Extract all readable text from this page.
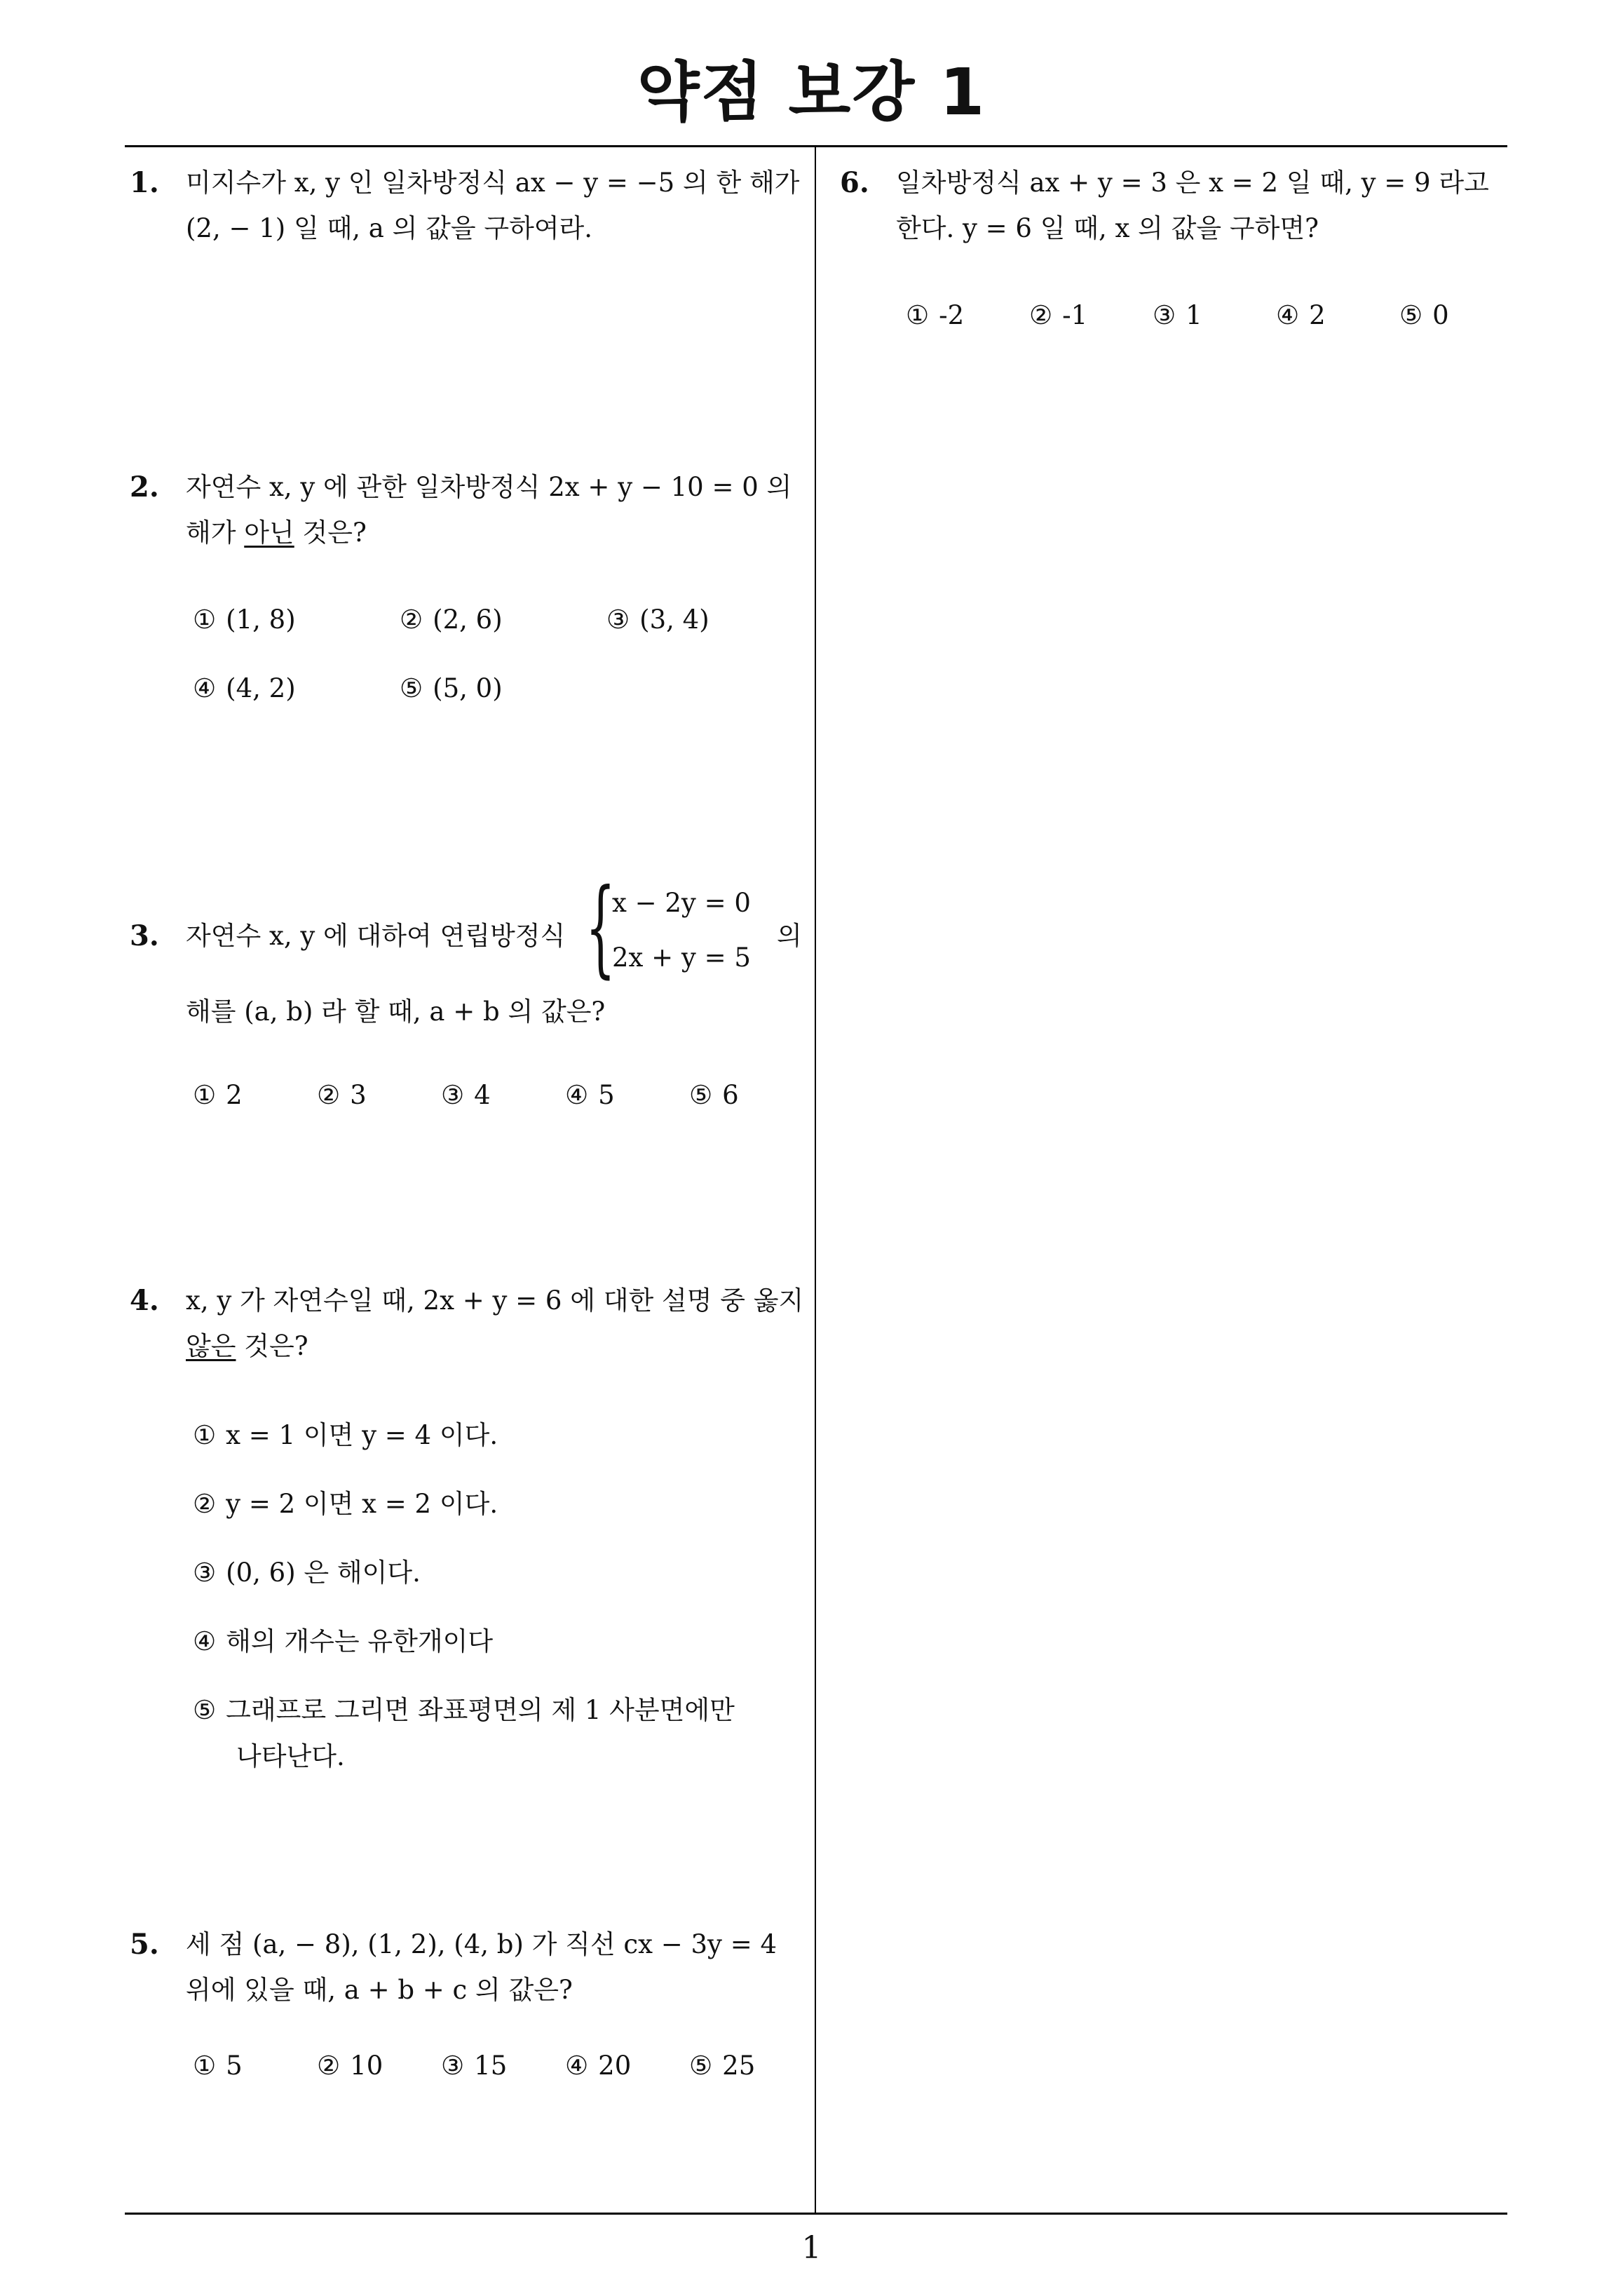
약점 보강 1
1. 미지수가 x, y 인 일차방정식 ax − y = −5 의 한 해가
(2, − 1) 일 때, a 의 값을 구하여라.
2. 자연수 x, y 에 관한 일차방정식 2x + y − 10 = 0 의
해가 아닌 것은?
① (1, 8)	② (2, 6)	③ (3, 4)
④ (4, 2)	⑤ (5, 0)
3. 자연수 x, y 에 대하여 연립방정식 {
x − 2y = 0
2x + y = 5
의
해를 (a, b) 라 할 때, a + b 의 값은?
① 2	② 3	③ 4	④ 5	⑤ 6
4. x, y 가 자연수일 때, 2x + y = 6 에 대한 설명 중 옳지
않은 것은?
① x = 1 이면 y = 4 이다.
② y = 2 이면 x = 2 이다.
③ (0, 6) 은 해이다.
④ 해의 개수는 유한개이다
⑤ 그래프로 그리면 좌표평면의 제 1 사분면에만
나타난다.
5. 세 점 (a, − 8), (1, 2), (4, b) 가 직선 cx − 3y = 4
위에 있을 때, a + b + c 의 값은?
① 5	② 10 ③ 15 ④ 20 ⑤ 25
6. 일차방정식 ax + y = 3 은 x = 2 일 때, y = 9 라고
한다. y = 6 일 때, x 의 값을 구하면?
① -2	② -1	③ 1	④ 2	⑤ 0
1
